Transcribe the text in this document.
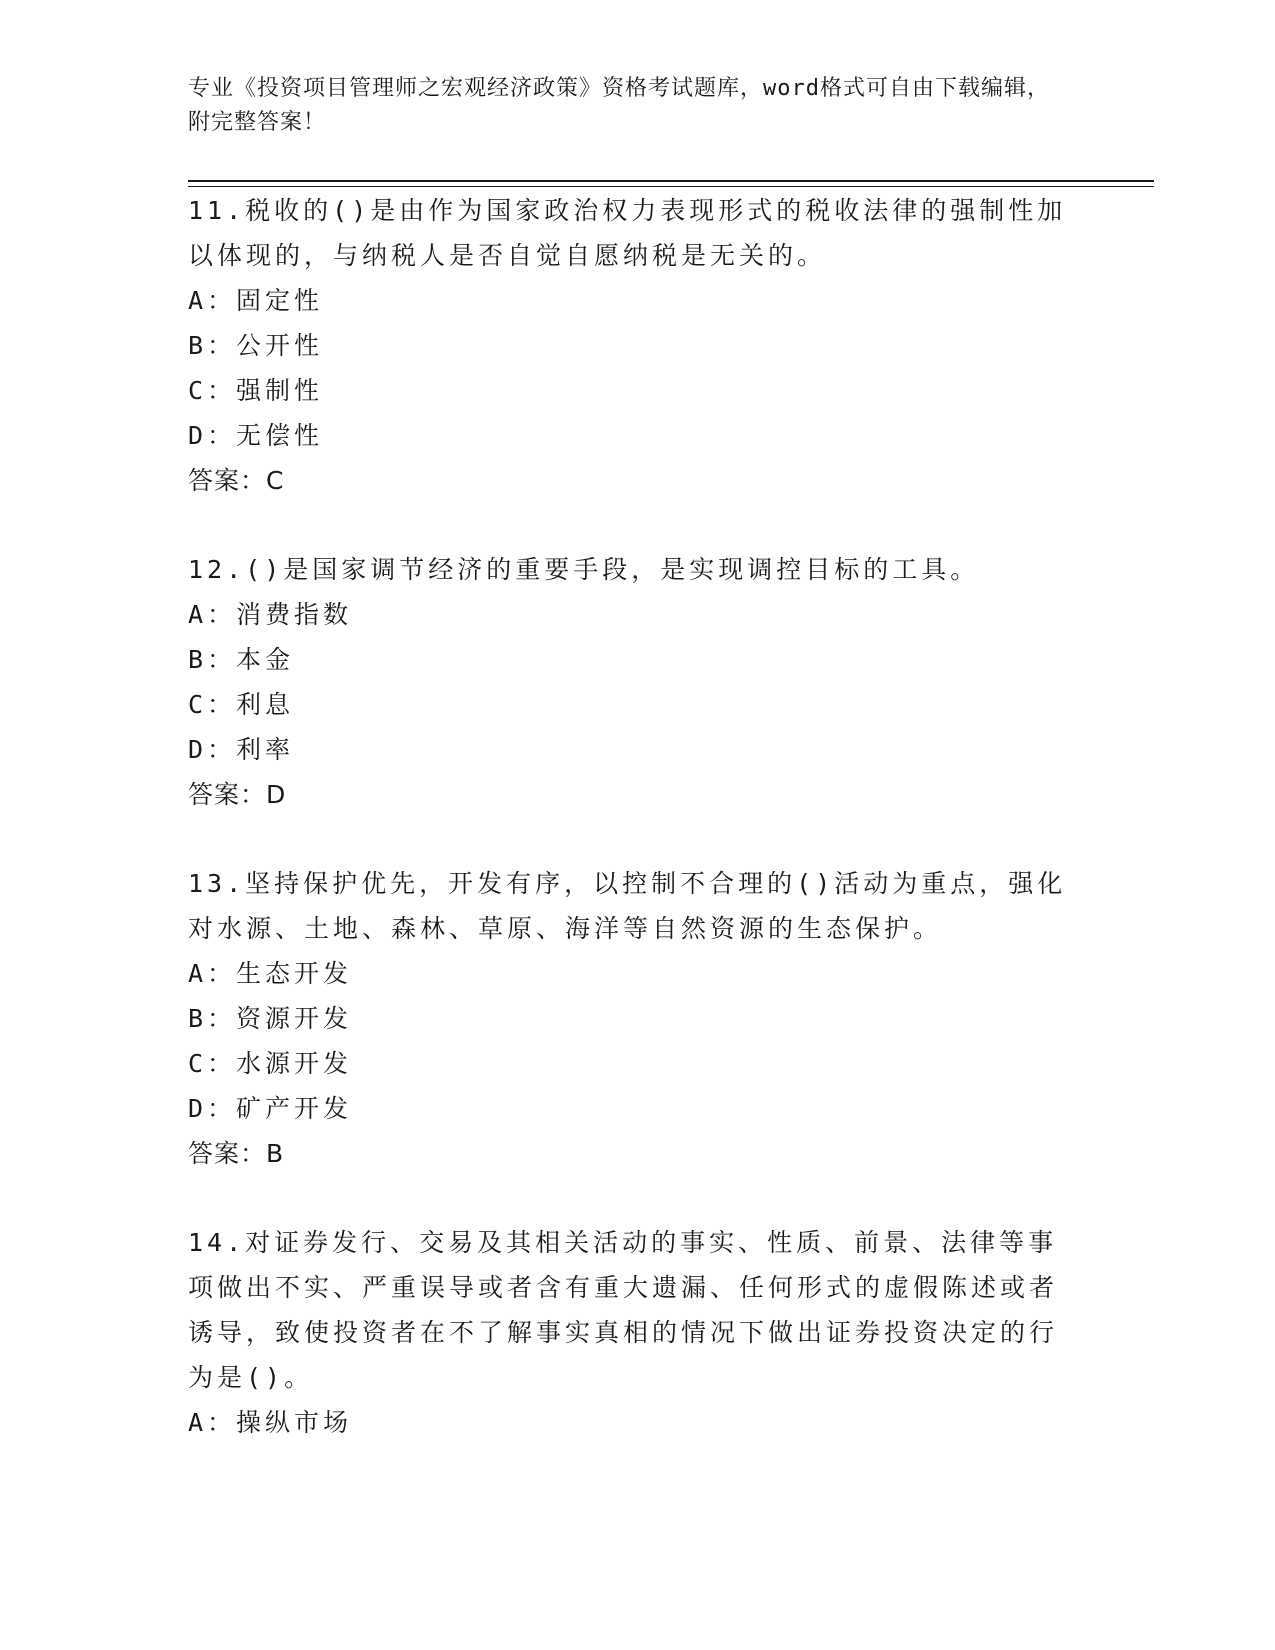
专业《投资项目管理师之宏观经济政策》资格考试题库，word格式可自由下载编辑，附完整答案！

11.税收的()是由作为国家政治权力表现形式的税收法律的强制性加以体现的，与纳税人是否自觉自愿纳税是无关的。

A：固定性

B：公开性

C：强制性

D：无偿性

答案：C

12.()是国家调节经济的重要手段，是实现调控目标的工具。

A：消费指数

B：本金

C：利息

D：利率

答案：D

13.坚持保护优先，开发有序，以控制不合理的()活动为重点，强化对水源、土地、森林、草原、海洋等自然资源的生态保护。

A：生态开发

B：资源开发

C：水源开发

D：矿产开发

答案：B

14.对证券发行、交易及其相关活动的事实、性质、前景、法律等事项做出不实、严重误导或者含有重大遗漏、任何形式的虚假陈述或者诱导，致使投资者在不了解事实真相的情况下做出证券投资决定的行为是()。

A：操纵市场
